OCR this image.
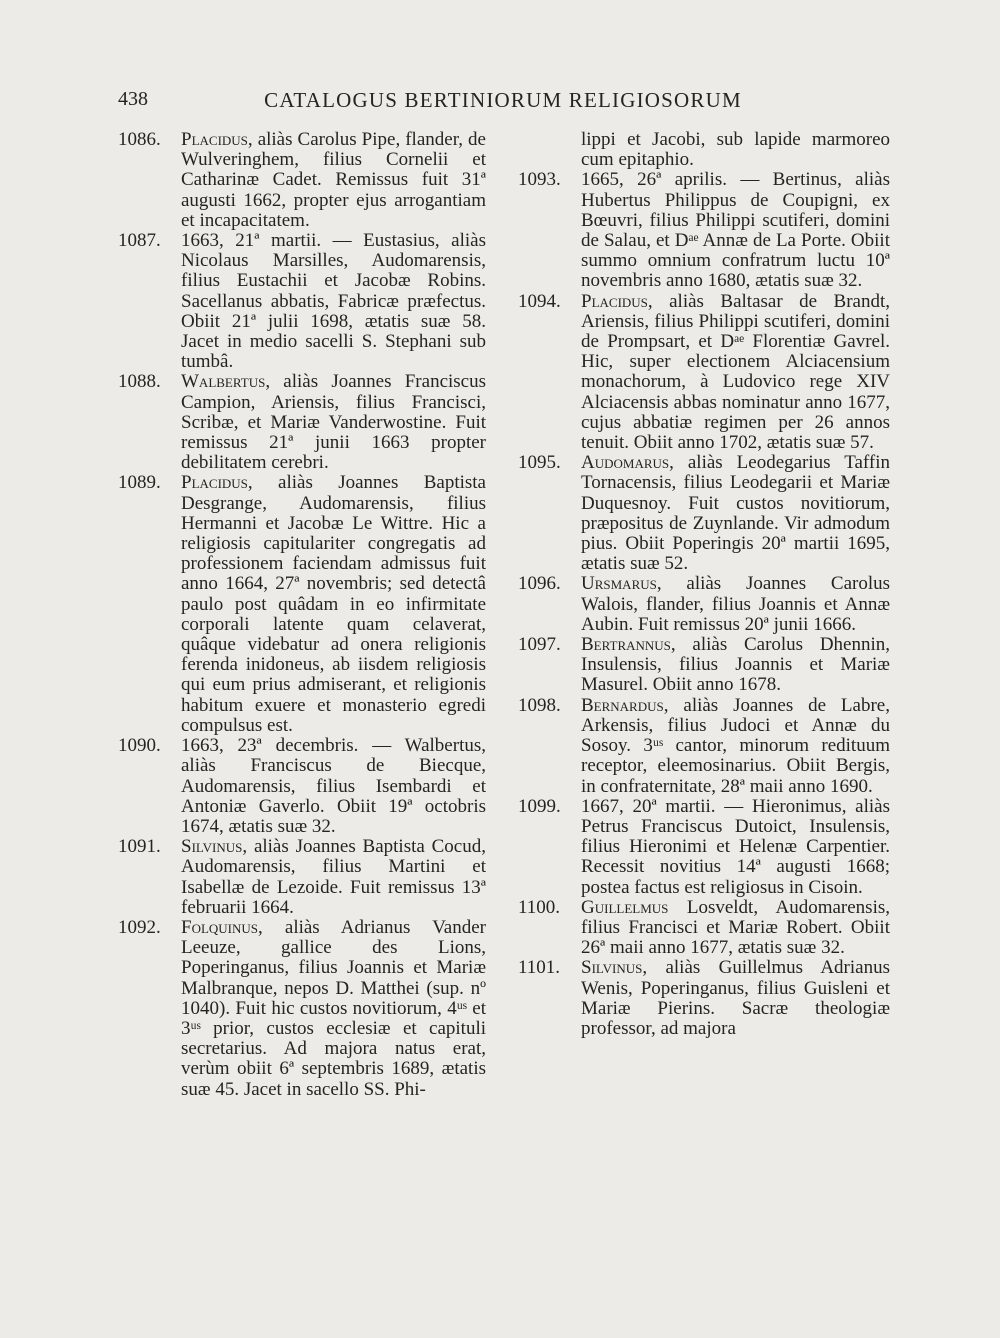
438	CATALOGUS BERTINIORUM RELIGIOSORUM
1086. Placidus, aliàs Carolus Pipe, flander, de Wulveringhem, filius Cornelii et Catharinæ Cadet. Remissus fuit 31ª augusti 1662, propter ejus arrogantiam et incapacitatem.
1087. 1663, 21ª martii. — Eustasius, aliàs Nicolaus Marsilles, Audomarensis, filius Eustachii et Jacobæ Robins. Sacellanus abbatis, Fabricæ præfectus. Obiit 21ª julii 1698, ætatis suæ 58. Jacet in medio sacelli S. Stephani sub tumbâ.
1088. Walbertus, aliàs Joannes Franciscus Campion, Ariensis, filius Francisci, Scribæ, et Mariæ Vanderwostine. Fuit remissus 21ª junii 1663 propter debilitatem cerebri.
1089. Placidus, aliàs Joannes Baptista Desgrange, Audomarensis, filius Hermanni et Jacobæ Le Wittre. Hic a religiosis capitulariter congregatis ad professionem faciendam admissus fuit anno 1664, 27ª novembris; sed detectâ paulo post quâdam in eo infirmitate corporali latente quam celaverat, quâque videbatur ad onera religionis ferenda inidoneus, ab iisdem religiosis qui eum prius admiserant, et religionis habitum exuere et monasterio egredi compulsus est.
1090. 1663, 23ª decembris. — Walbertus, aliàs Franciscus de Biecque, Audomarensis, filius Isembardi et Antoniæ Gaverlo. Obiit 19ª octobris 1674, ætatis suæ 32.
1091. Silvinus, aliàs Joannes Baptista Cocud, Audomarensis, filius Martini et Isabellæ de Lezoide. Fuit remissus 13ª februarii 1664.
1092. Folquinus, aliàs Adrianus Vander Leeuze, gallice des Lions, Poperinganus, filius Joannis et Mariæ Malbranque, nepos D. Matthei (sup. nº 1040). Fuit hic custos novitiorum, 4ᵘˢ et 3ᵘˢ prior, custos ecclesiæ et capituli secretarius. Ad majora natus erat, verùm obiit 6ª septembris 1689, ætatis suæ 45. Jacet in sacello SS. Phi-
lippi et Jacobi, sub lapide marmoreo cum epitaphio.
1093. 1665, 26ª aprilis. — Bertinus, aliàs Hubertus Philippus de Coupigni, ex Bœuvri, filius Philippi scutiferi, domini de Salau, et Dᵃᵉ Annæ de La Porte. Obiit summo omnium confratrum luctu 10ª novembris anno 1680, ætatis suæ 32.
1094. Placidus, aliàs Baltasar de Brandt, Ariensis, filius Philippi scutiferi, domini de Prompsart, et Dᵃᵉ Florentiæ Gavrel. Hic, super electionem Alciacensium monachorum, à Ludovico rege XIV Alciacensis abbas nominatur anno 1677, cujus abbatiæ regimen per 26 annos tenuit. Obiit anno 1702, ætatis suæ 57.
1095. Audomarus, aliàs Leodegarius Taffin Tornacensis, filius Leodegarii et Mariæ Duquesnoy. Fuit custos novitiorum, præpositus de Zuynlande. Vir admodum pius. Obiit Poperingis 20ª martii 1695, ætatis suæ 52.
1096. Ursmarus, aliàs Joannes Carolus Walois, flander, filius Joannis et Annæ Aubin. Fuit remissus 20ª junii 1666.
1097. Bertrannus, aliàs Carolus Dhennin, Insulensis, filius Joannis et Mariæ Masurel. Obiit anno 1678.
1098. Bernardus, aliàs Joannes de Labre, Arkensis, filius Judoci et Annæ du Sosoy. 3ᵘˢ cantor, minorum redituum receptor, eleemosinarius. Obiit Bergis, in confraternitate, 28ª maii anno 1690.
1099. 1667, 20ª martii. — Hieronimus, aliàs Petrus Franciscus Dutoict, Insulensis, filius Hieronimi et Helenæ Carpentier. Recessit novitius 14ª augusti 1668; postea factus est religiosus in Cisoin.
1100. Guillelmus Losveldt, Audomarensis, filius Francisci et Mariæ Robert. Obiit 26ª maii anno 1677, ætatis suæ 32.
1101. Silvinus, aliàs Guillelmus Adrianus Wenis, Poperinganus, filius Guisleni et Mariæ Pierins. Sacræ theologiæ professor, ad majora
